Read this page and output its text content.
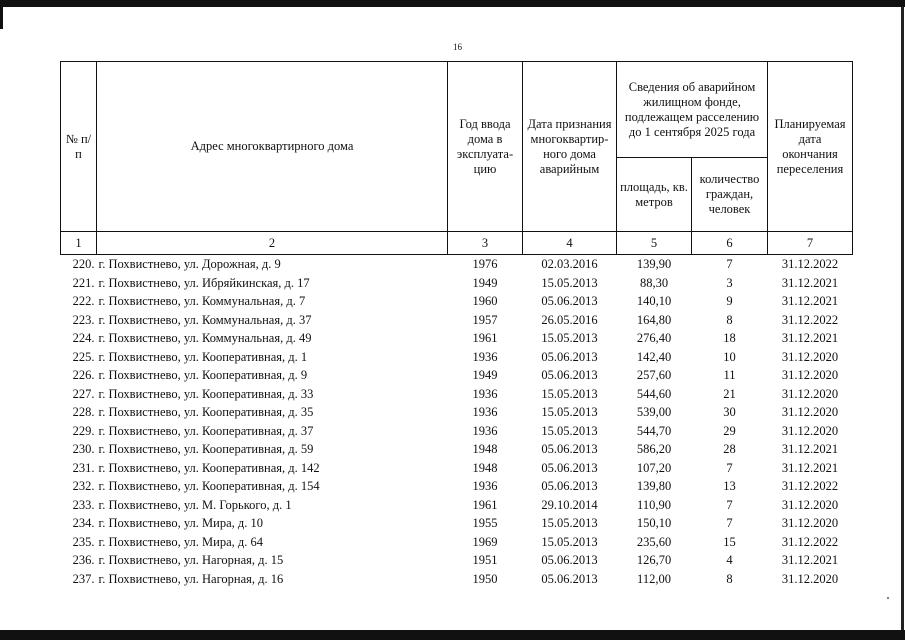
16
№ п/п	Адрес многоквартирного дома	Год ввода дома в эксплуата-цию	Дата признания многоквартир-ного дома аварийным	Сведения об аварийном жилищном фонде, подлежащем расселению до 1 сентября 2025 года		Планируемая дата окончания переселения
				площадь, кв. метров	количество граждан, человек	
1	2	3	4	5	6	7
220.	г. Похвистнево, ул. Дорожная, д. 9	1976	02.03.2016	139,90	7	31.12.2022
221.	г. Похвистнево, ул. Ибряйкинская, д. 17	1949	15.05.2013	88,30	3	31.12.2021
222.	г. Похвистнево, ул. Коммунальная, д. 7	1960	05.06.2013	140,10	9	31.12.2021
223.	г. Похвистнево, ул. Коммунальная, д. 37	1957	26.05.2016	164,80	8	31.12.2022
224.	г. Похвистнево, ул. Коммунальная, д. 49	1961	15.05.2013	276,40	18	31.12.2021
225.	г. Похвистнево, ул. Кооперативная, д. 1	1936	05.06.2013	142,40	10	31.12.2020
226.	г. Похвистнево, ул. Кооперативная, д. 9	1949	05.06.2013	257,60	11	31.12.2020
227.	г. Похвистнево, ул. Кооперативная, д. 33	1936	15.05.2013	544,60	21	31.12.2020
228.	г. Похвистнево, ул. Кооперативная, д. 35	1936	15.05.2013	539,00	30	31.12.2020
229.	г. Похвистнево, ул. Кооперативная, д. 37	1936	15.05.2013	544,70	29	31.12.2020
230.	г. Похвистнево, ул. Кооперативная, д. 59	1948	05.06.2013	586,20	28	31.12.2021
231.	г. Похвистнево, ул. Кооперативная, д. 142	1948	05.06.2013	107,20	7	31.12.2021
232.	г. Похвистнево, ул. Кооперативная, д. 154	1936	05.06.2013	139,80	13	31.12.2022
233.	г. Похвистнево, ул. М. Горького, д. 1	1961	29.10.2014	110,90	7	31.12.2020
234.	г. Похвистнево, ул. Мира, д. 10	1955	15.05.2013	150,10	7	31.12.2020
235.	г. Похвистнево, ул. Мира, д. 64	1969	15.05.2013	235,60	15	31.12.2022
236.	г. Похвистнево, ул. Нагорная, д. 15	1951	05.06.2013	126,70	4	31.12.2021
237.	г. Похвистнево, ул. Нагорная, д. 16	1950	05.06.2013	112,00	8	31.12.2020
